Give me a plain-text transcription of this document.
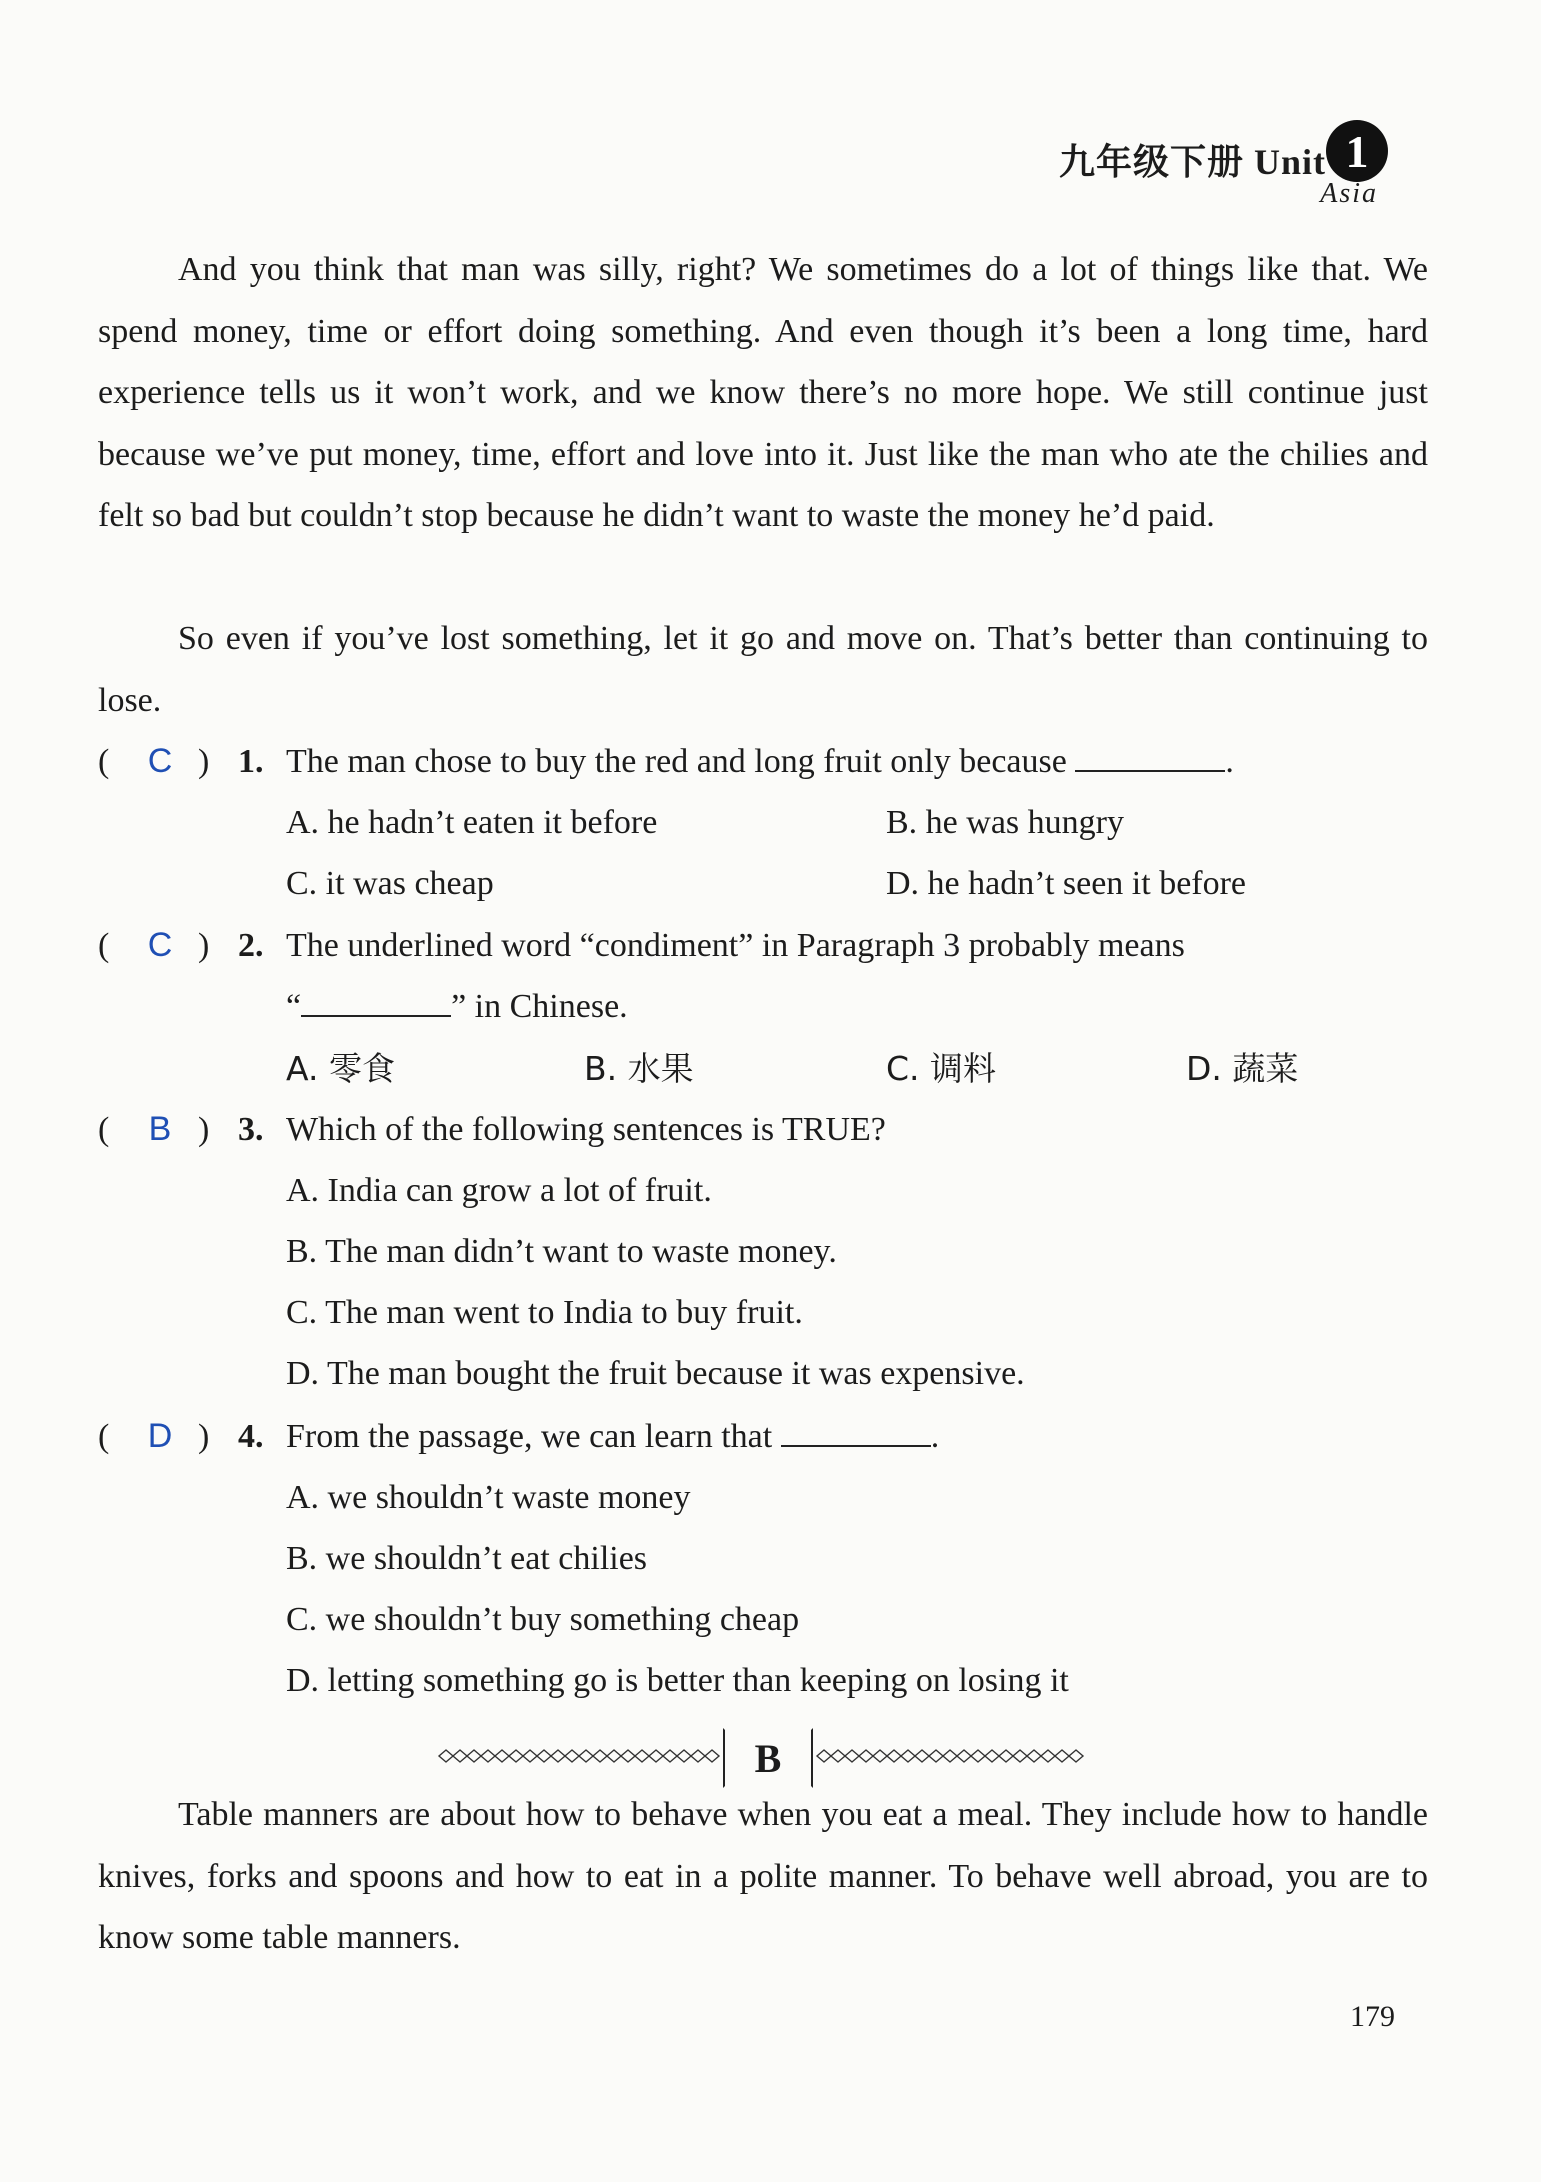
九年级下册 Unit 1
Asia

And you think that man was silly, right? We sometimes do a lot of things like that. We spend money, time or effort doing something. And even though it’s been a long time, hard experience tells us it won’t work, and we know there’s no more hope. We still continue just because we’ve put money, time, effort and love into it. Just like the man who ate the chilies and felt so bad but couldn’t stop because he didn’t want to waste the money he’d paid.

So even if you’ve lost something, let it go and move on. That’s better than continuing to lose.

( C ) 1. The man chose to buy the red and long fruit only because	.
A. he hadn’t eaten it before	B. he was hungry
C. it was cheap	D. he hadn’t seen it before
( C ) 2. The underlined word “condiment” in Paragraph 3 probably means
“	” in Chinese.
A. 零食	B. 水果	C. 调料	D. 蔬菜
( B ) 3. Which of the following sentences is TRUE?
A. India can grow a lot of fruit.
B. The man didn’t want to waste money.
C. The man went to India to buy fruit.
D. The man bought the fruit because it was expensive.
( D ) 4. From the passage, we can learn that	.
A. we shouldn’t waste money
B. we shouldn’t eat chilies
C. we shouldn’t buy something cheap
D. letting something go is better than keeping on losing it
B

Table manners are about how to behave when you eat a meal. They include how to handle knives, forks and spoons and how to eat in a polite manner. To behave well abroad, you are to know some table manners.

179
